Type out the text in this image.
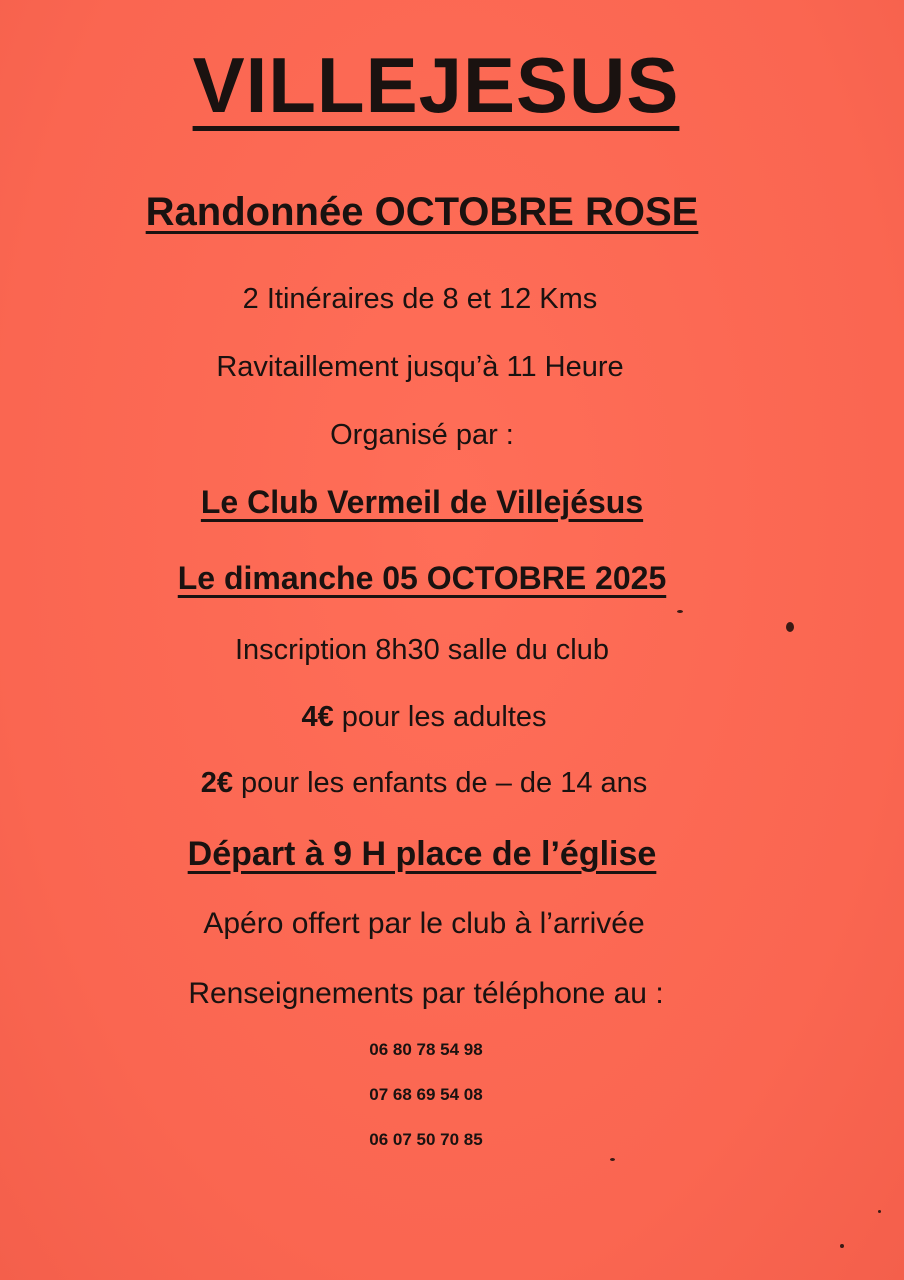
VILLEJESUS
Randonnée OCTOBRE ROSE
2 Itinéraires de 8 et 12 Kms
Ravitaillement jusqu’à 11 Heure
Organisé par :
Le Club Vermeil de Villejésus
Le dimanche 05 OCTOBRE 2025
Inscription 8h30 salle du club
4€ pour les adultes
2€ pour les enfants de – de 14 ans
Départ à 9 H place de l’église
Apéro offert par le club à l’arrivée
Renseignements par téléphone au :
06 80 78 54 98
07 68 69 54 08
06 07 50 70 85
